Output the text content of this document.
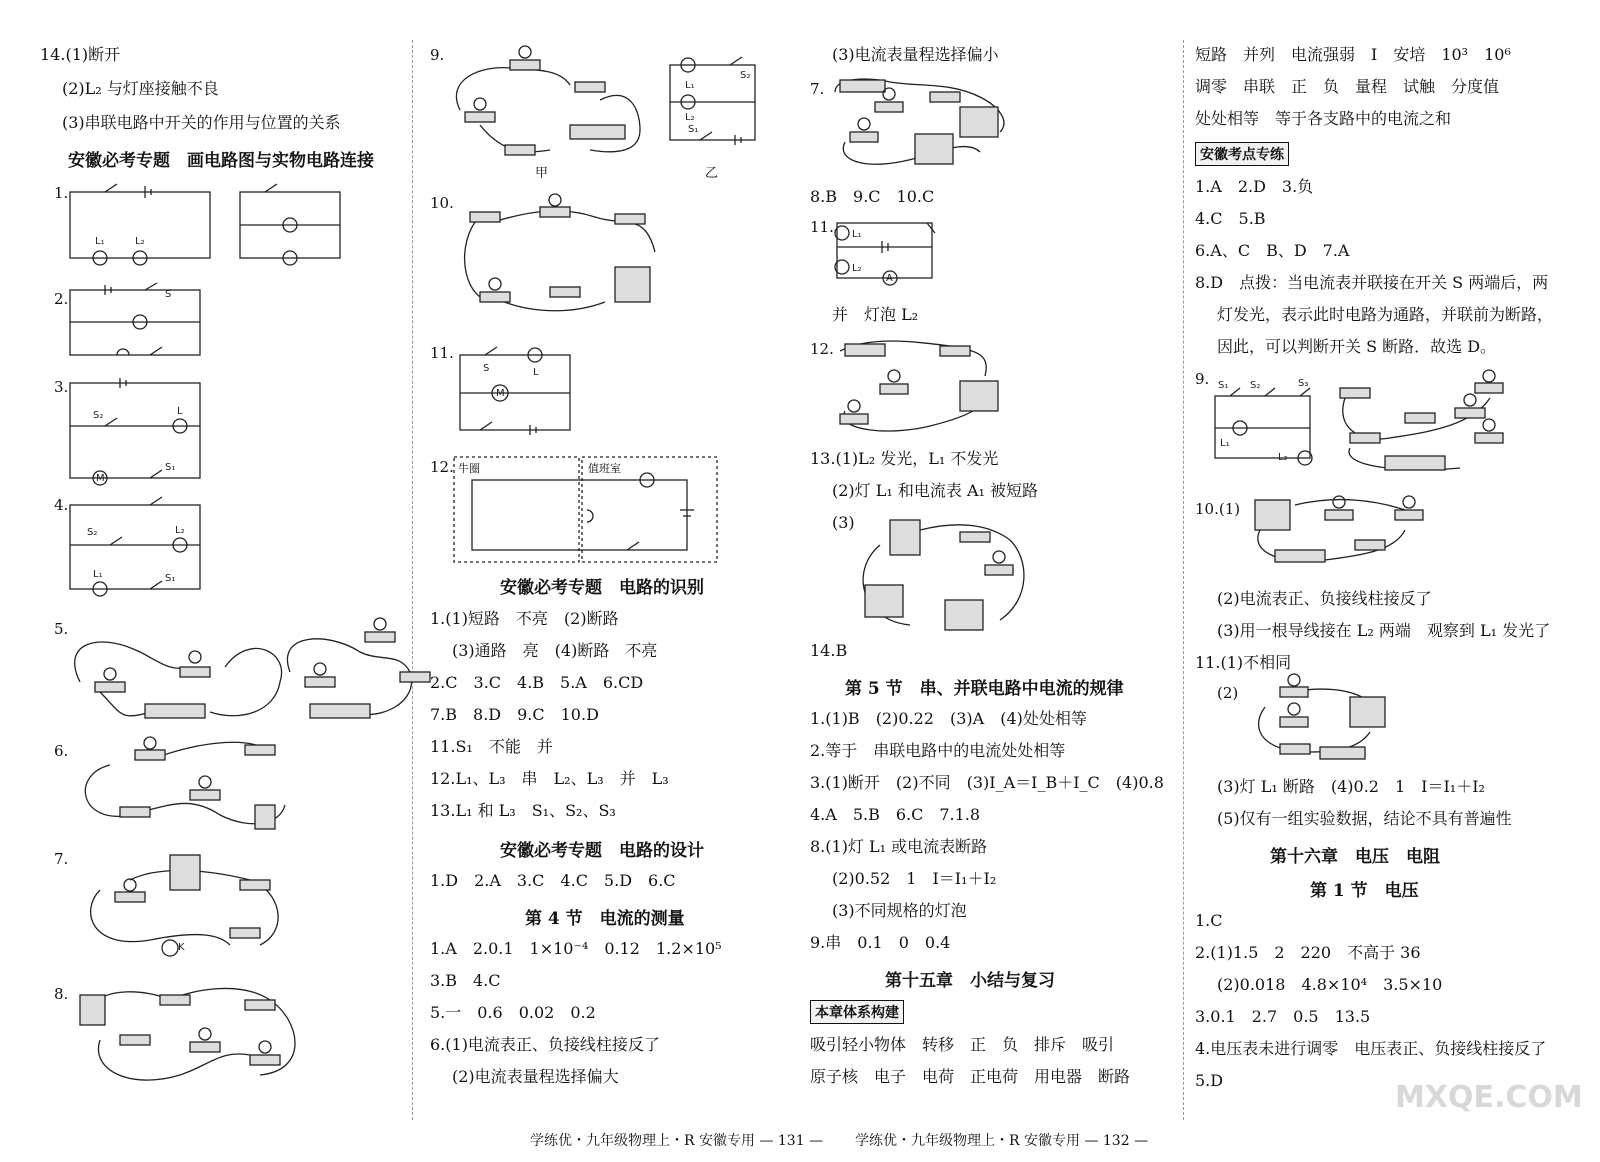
14.(1)断开
(2)L₂ 与灯座接触不良
(3)串联电路中开关的作用与位置的关系
安徽必考专题　画电路图与实物电路连接
1.
L₁	L₂
2.	S
3.
M
S₂	L
S₁
4.
S₂	L₂
L₁	S₁
5.
6.
7.
K
8.
9.
L₁
L₂
S₂
S₁
甲	乙
10.
11.
M
S	L
12. 牛圈	值班室
安徽必考专题　电路的识别
1.(1)短路　不亮　(2)断路
(3)通路　亮　(4)断路　不亮
2.C　3.C　4.B　5.A　6.CD
7.B　8.D　9.C　10.D
11.S₁　不能　并
12.L₁、L₃　串　L₂、L₃　并　L₃
13.L₁ 和 L₃　S₁、S₂、S₃
安徽必考专题　电路的设计
1.D　2.A　3.C　4.C　5.D　6.C
第 4 节　电流的测量
1.A　2.0.1　1×10⁻⁴　0.12　1.2×10⁵
3.B　4.C
5.一　0.6　0.02　0.2
6.(1)电流表正、负接线柱接反了
(2)电流表量程选择偏大
学练优・九年级物理上・R 安徽专用 — 131 —
(3)电流表量程选择偏小
7.
8.B　9.C　10.C
11.
A
L₁
L₂
并　灯泡 L₂
12.
13.(1)L₂ 发光，L₁ 不发光
(2)灯 L₁ 和电流表 A₁ 被短路
(3)
14.B
第 5 节　串、并联电路中电流的规律
1.(1)B　(2)0.22　(3)A　(4)处处相等
2.等于　串联电路中的电流处处相等
3.(1)断开　(2)不同　(3)I_A＝I_B＋I_C　(4)0.8
4.A　5.B　6.C　7.1.8
8.(1)灯 L₁ 或电流表断路
(2)0.52　1　I＝I₁＋I₂
(3)不同规格的灯泡
9.串　0.1　0　0.4
第十五章　小结与复习
本章体系构建
吸引轻小物体　转移　正　负　排斥　吸引
原子核　电子　电荷　正电荷　用电器　断路
学练优・九年级物理上・R 安徽专用 — 132 —
短路　并列　电流强弱　I　安培　10³　10⁶
调零　串联　正　负　量程　试触　分度值
处处相等　等于各支路中的电流之和
安徽考点专练
1.A　2.D　3.负
4.C　5.B
6.A、C　B、D　7.A
8.D　点拨：当电流表并联接在开关 S 两端后，两
灯发光，表示此时电路为通路，并联前为断路，
因此，可以判断开关 S 断路．故选 D。
9. S₁ S₂	S₃
L₁
L₂
10.(1)
(2)电流表正、负接线柱接反了
(3)用一根导线接在 L₂ 两端　观察到 L₁ 发光了
11.(1)不相同
(2)
(3)灯 L₁ 断路　(4)0.2　1　I＝I₁＋I₂
(5)仅有一组实验数据，结论不具有普遍性
第十六章　电压　电阻
第 1 节　电压
1.C
2.(1)1.5　2　220　不高于 36
(2)0.018　4.8×10⁴　3.5×10
3.0.1　2.7　0.5　13.5
4.电压表未进行调零　电压表正、负接线柱接反了
5.D	MXQE.COM
